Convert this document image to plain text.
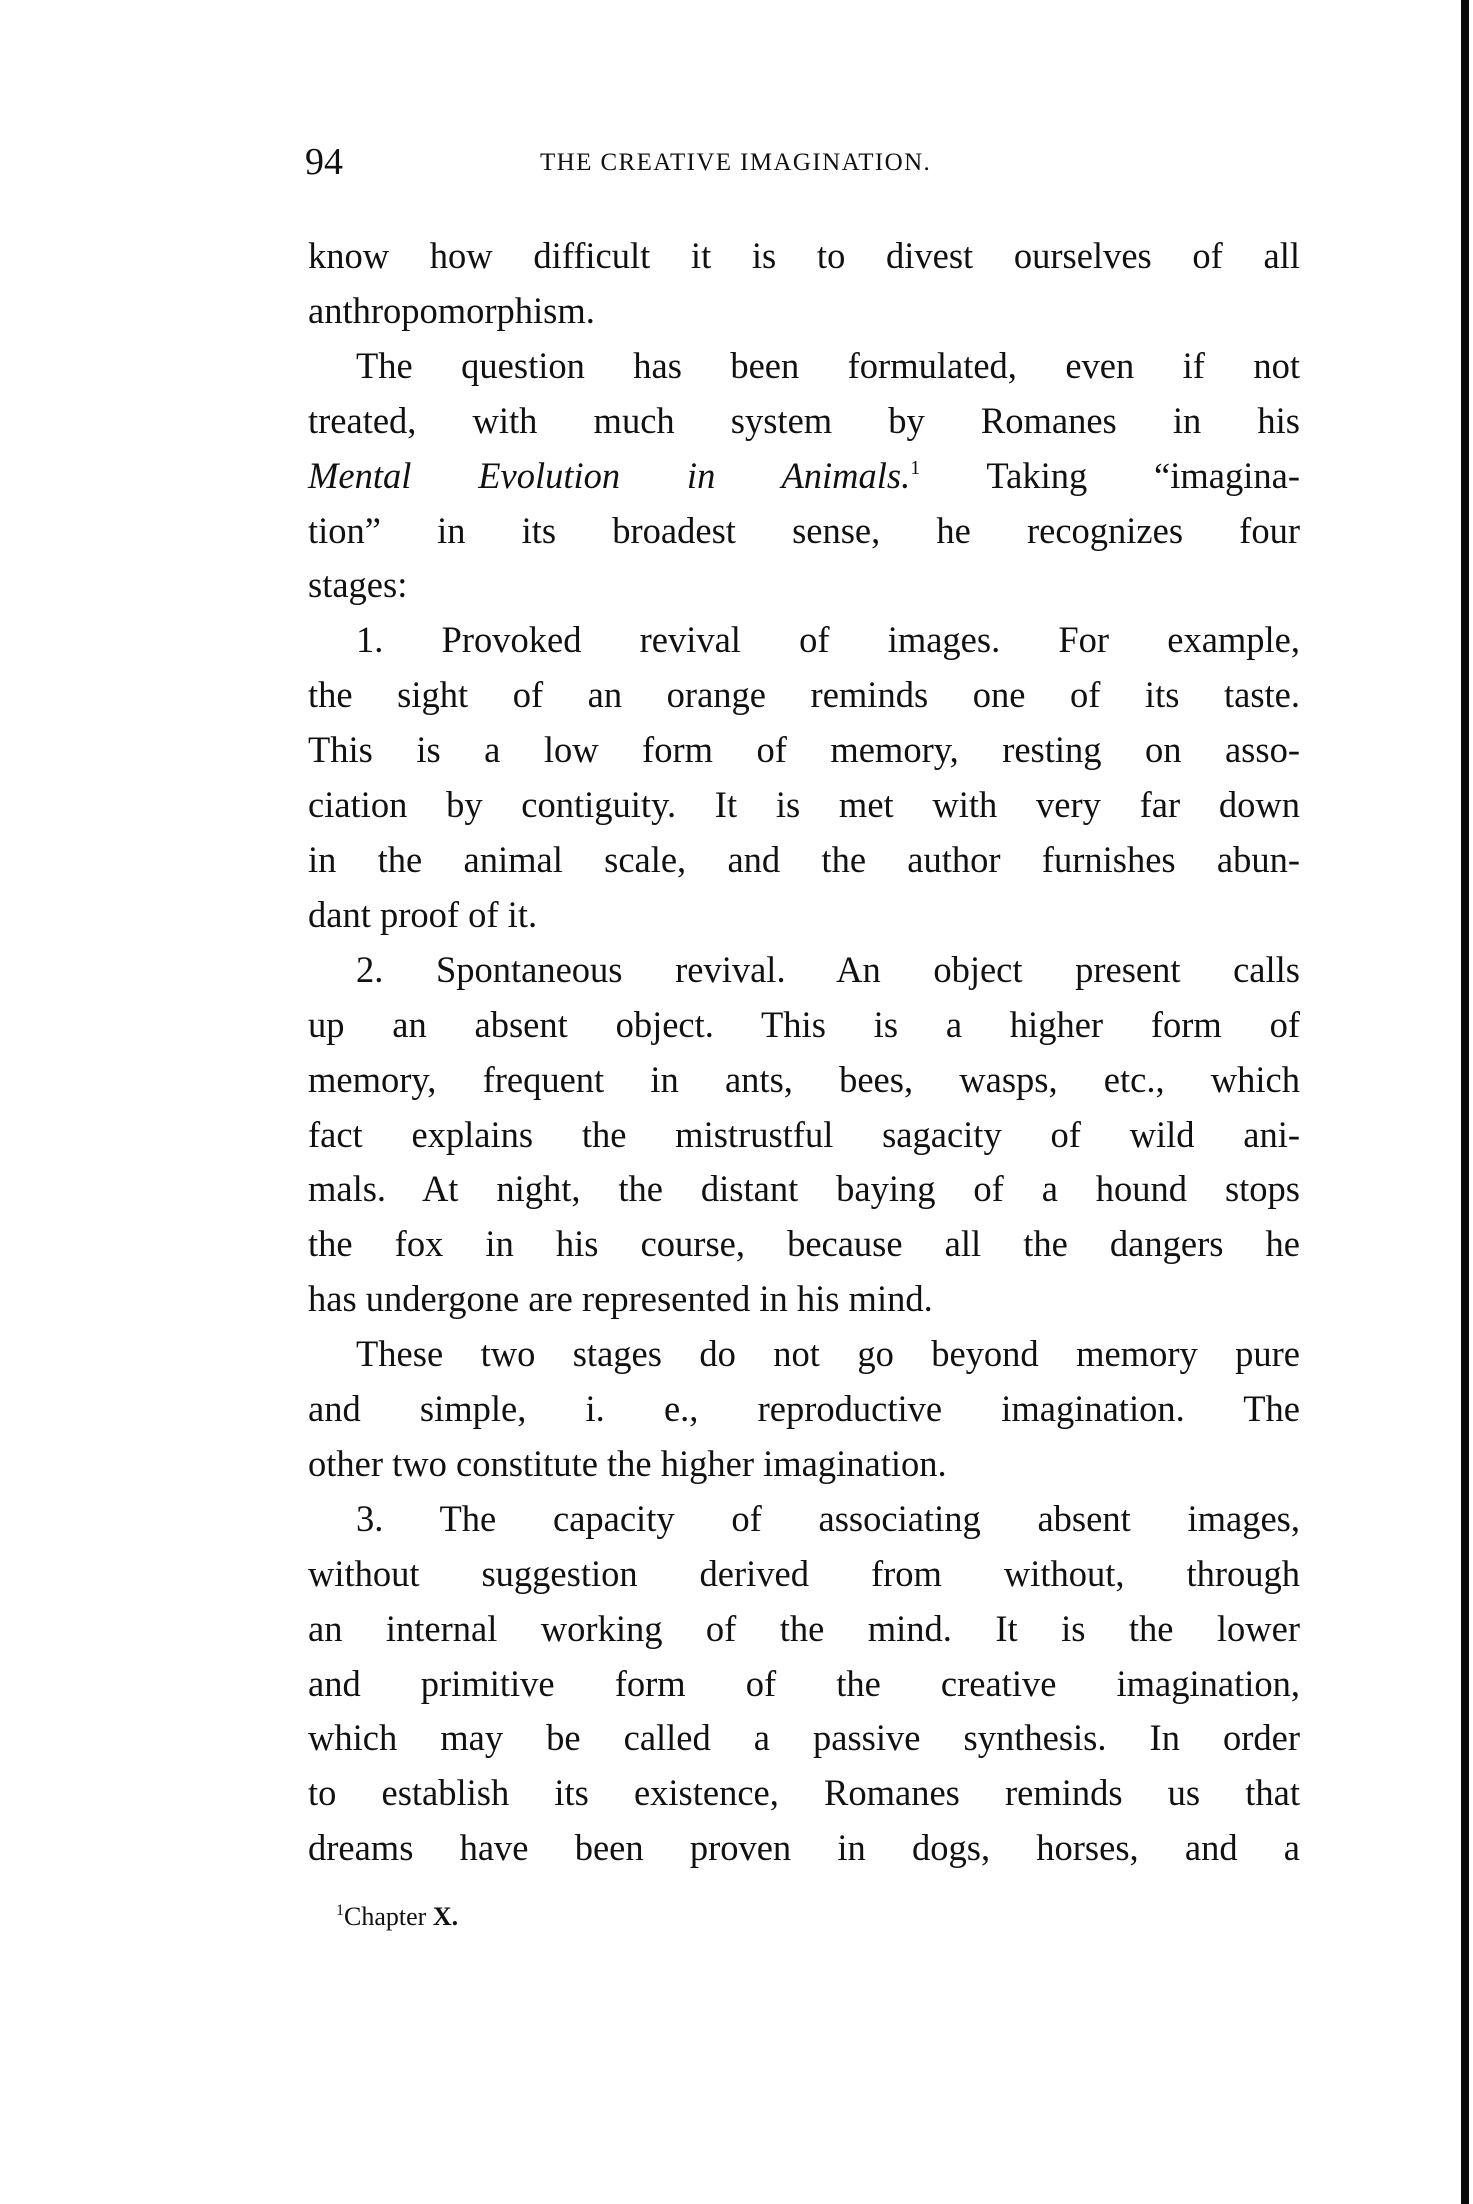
94	THE CREATIVE IMAGINATION.
know how difficult it is to divest ourselves of all
anthropomorphism.
The question has been formulated, even if not
treated, with much system by Romanes in his
Mental Evolution in Animals.$^1$ Taking “imagina-
tion” in its broadest sense, he recognizes four
stages:
1. Provoked revival of images. For example,
the sight of an orange reminds one of its taste.
This is a low form of memory, resting on asso-
ciation by contiguity. It is met with very far down
in the animal scale, and the author furnishes abun-
dant proof of it.
2. Spontaneous revival. An object present calls
up an absent object. This is a higher form of
memory, frequent in ants, bees, wasps, etc., which
fact explains the mistrustful sagacity of wild ani-
mals. At night, the distant baying of a hound stops
the fox in his course, because all the dangers he
has undergone are represented in his mind.
These two stages do not go beyond memory pure
and simple, i. e., reproductive imagination. The
other two constitute the higher imagination.
3. The capacity of associating absent images,
without suggestion derived from without, through
an internal working of the mind. It is the lower
and primitive form of the creative imagination,
which may be called a passive synthesis. In order
to establish its existence, Romanes reminds us that
dreams have been proven in dogs, horses, and a
$^1$Chapter X.
